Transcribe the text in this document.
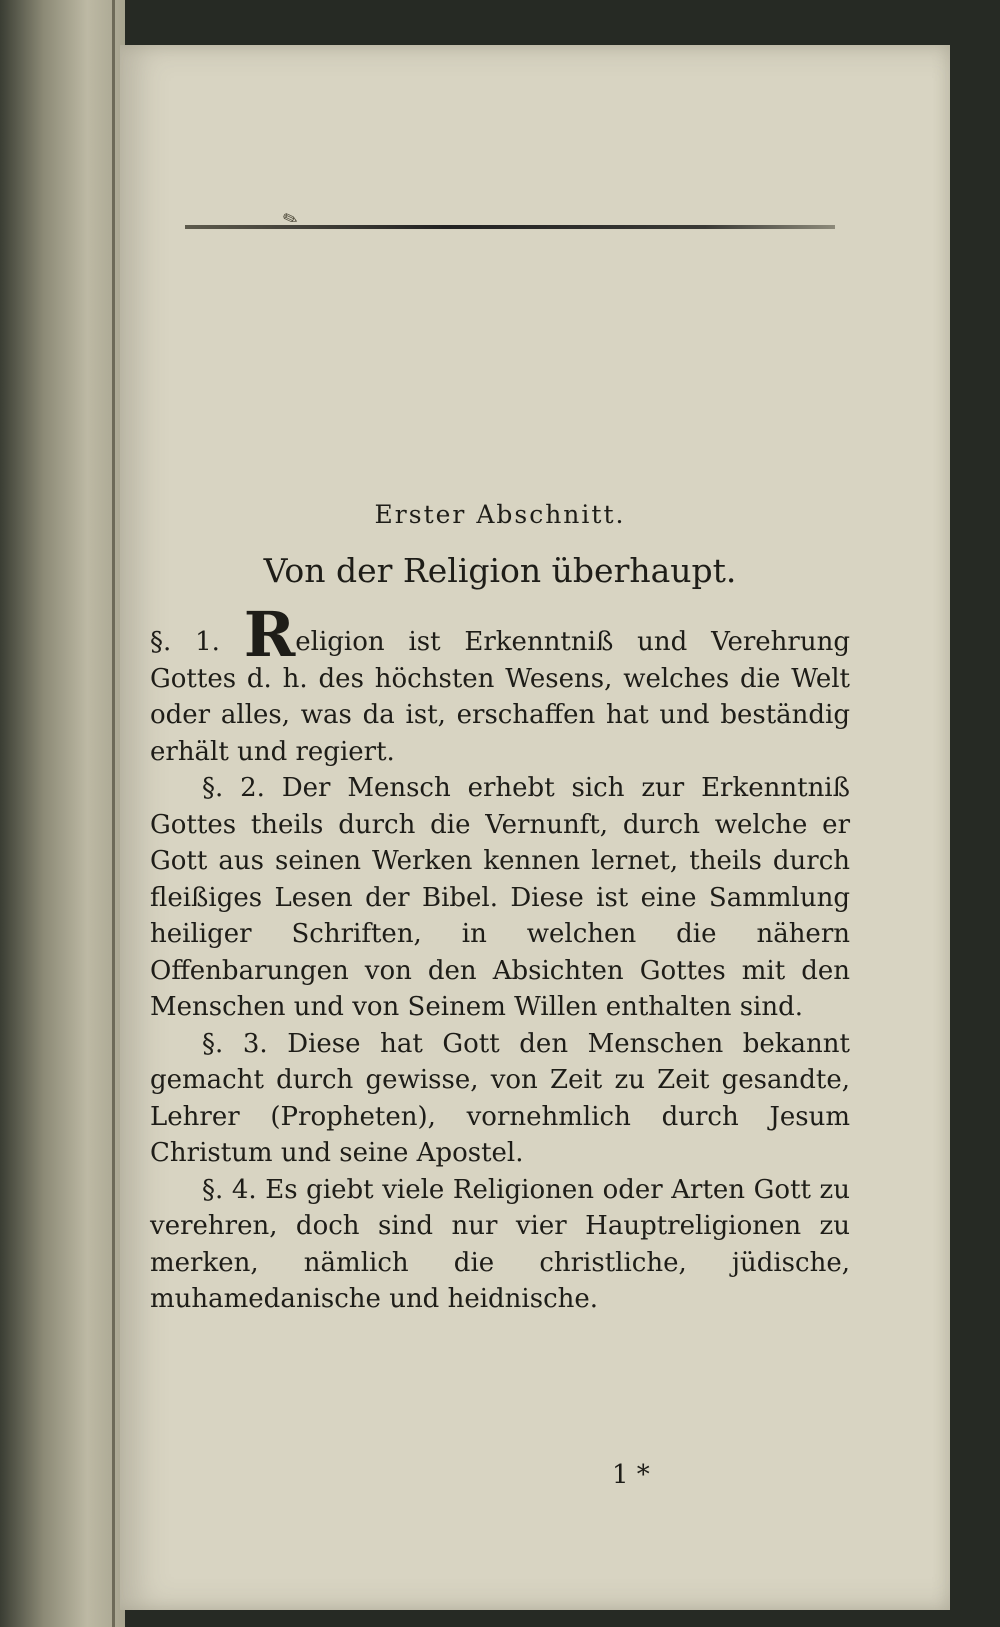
✎
Erster Abschnitt.
Von der Religion überhaupt.

§. 1. Religion ist Erkenntniß und Verehrung Gottes d. h. des höchsten Wesens, welches die Welt oder alles, was da ist, erschaffen hat und beständig erhält und regiert.

§. 2. Der Mensch erhebt sich zur Erkenntniß Gottes theils durch die Vernunft, durch welche er Gott aus seinen Werken kennen lernet, theils durch fleißiges Lesen der Bibel. Diese ist eine Sammlung heiliger Schriften, in welchen die nähern Offenbarungen von den Absichten Gottes mit den Menschen und von Seinem Willen enthalten sind.

§. 3. Diese hat Gott den Menschen bekannt gemacht durch gewisse, von Zeit zu Zeit gesandte, Lehrer (Propheten), vornehmlich durch Jesum Christum und seine Apostel.

§. 4. Es giebt viele Religionen oder Arten Gott zu verehren, doch sind nur vier Hauptreligionen zu merken, nämlich die christliche, jüdische, muhamedanische und heidnische.

1 *
